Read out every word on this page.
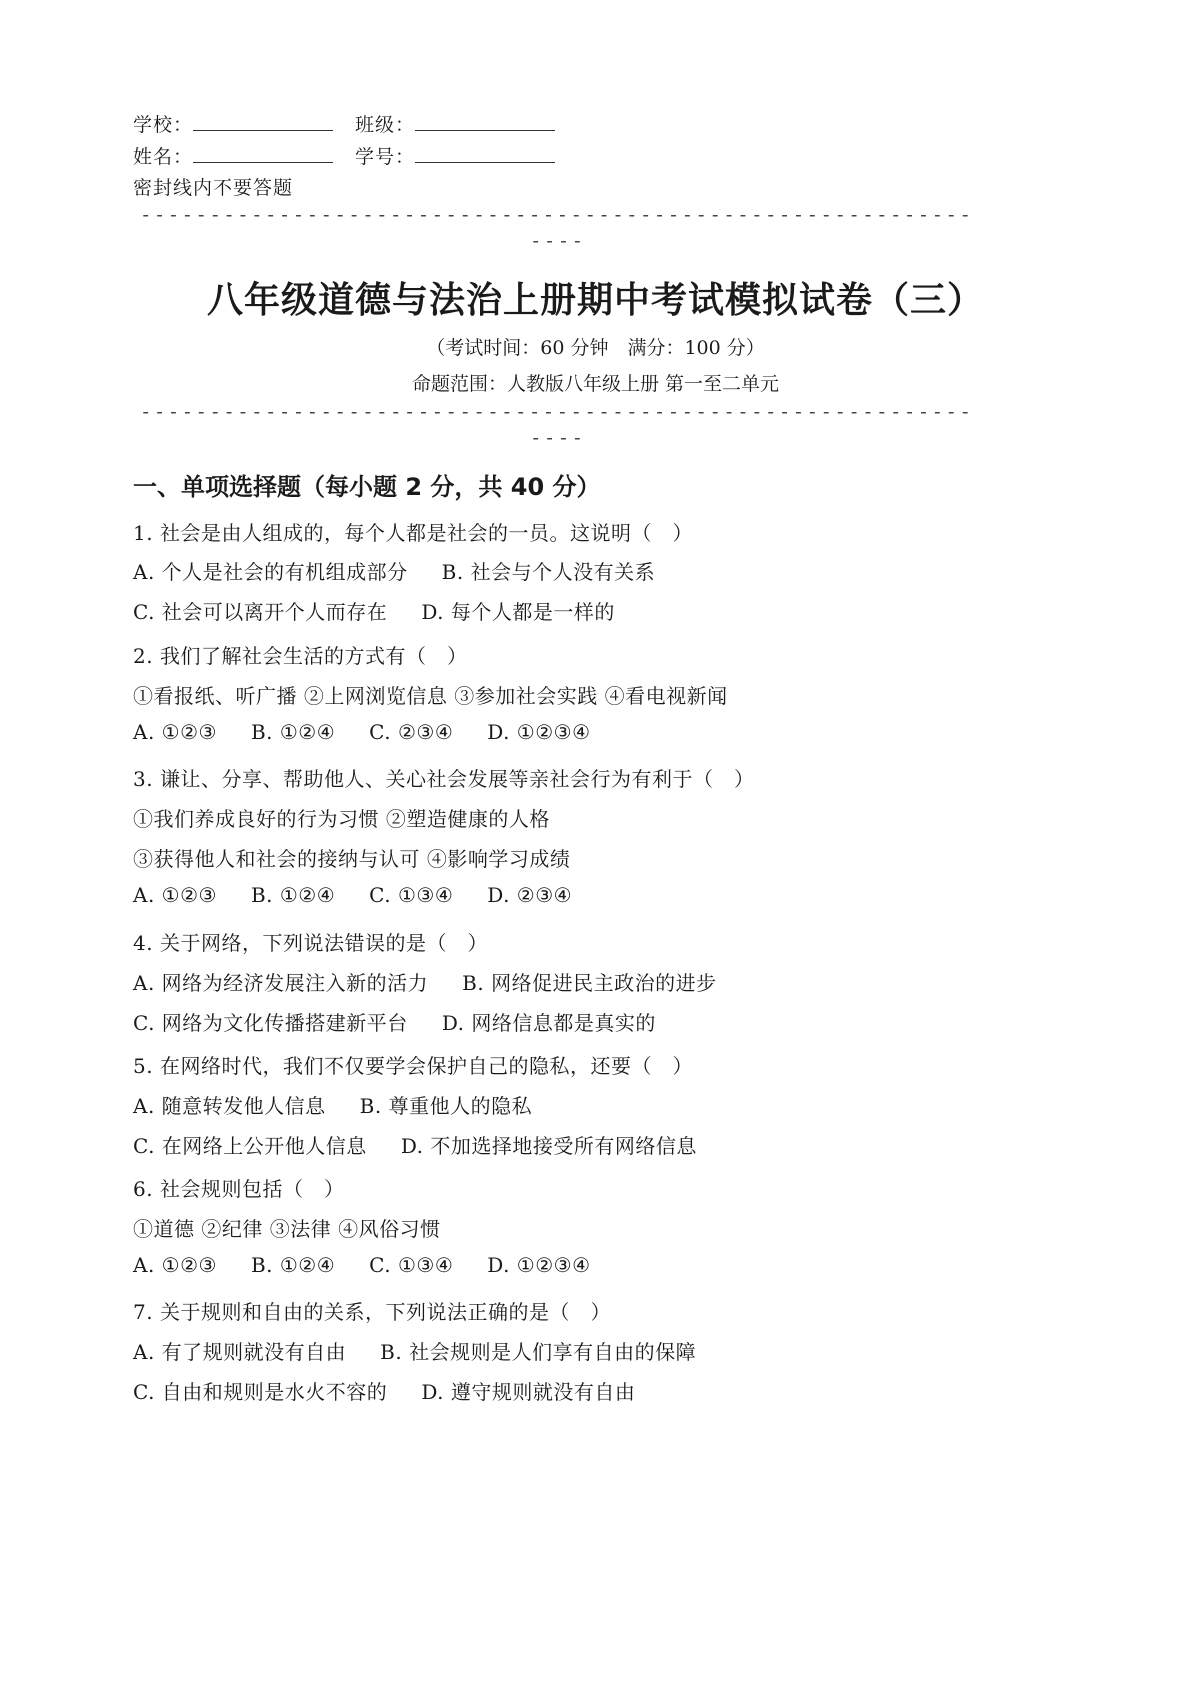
学校：	班级：
姓名：	学号：
密封线内不要答题
------------------------------------------------------------
----
八年级道德与法治上册期中考试模拟试卷（三）
（考试时间：60 分钟　满分：100 分）
命题范围：人教版八年级上册 第一至二单元
------------------------------------------------------------
----
一、单项选择题（每小题 2 分，共 40 分）
1. 社会是由人组成的，每个人都是社会的一员。这说明（　）
A. 个人是社会的有机组成部分 B. 社会与个人没有关系
C. 社会可以离开个人而存在 D. 每个人都是一样的
2. 我们了解社会生活的方式有（　）
①看报纸、听广播 ②上网浏览信息 ③参加社会实践 ④看电视新闻
A. ①②③ B. ①②④ C. ②③④ D. ①②③④
3. 谦让、分享、帮助他人、关心社会发展等亲社会行为有利于（　）
①我们养成良好的行为习惯 ②塑造健康的人格
③获得他人和社会的接纳与认可 ④影响学习成绩
A. ①②③ B. ①②④ C. ①③④ D. ②③④
4. 关于网络，下列说法错误的是（　）
A. 网络为经济发展注入新的活力 B. 网络促进民主政治的进步
C. 网络为文化传播搭建新平台 D. 网络信息都是真实的
5. 在网络时代，我们不仅要学会保护自己的隐私，还要（　）
A. 随意转发他人信息 B. 尊重他人的隐私
C. 在网络上公开他人信息 D. 不加选择地接受所有网络信息
6. 社会规则包括（　）
①道德 ②纪律 ③法律 ④风俗习惯
A. ①②③ B. ①②④ C. ①③④ D. ①②③④
7. 关于规则和自由的关系，下列说法正确的是（　）
A. 有了规则就没有自由 B. 社会规则是人们享有自由的保障
C. 自由和规则是水火不容的 D. 遵守规则就没有自由
